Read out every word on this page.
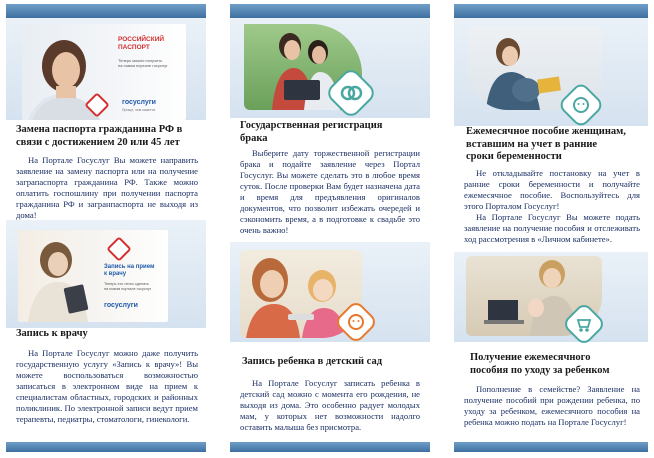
РОССИЙСКИЙ
ПАСПОРТ
Теперь можно получить
на новом портале госуслуг
госуслуги
Проще, чем кажется
Замена паспорта гражданина РФ в связи с достижением 20 или 45 лет
На Портале Госуслуг Вы можете направить заявление на замену паспорта или на получение заграпаспорта гражданина РФ. Также можно оплатить госпошлину при получении паспорта гражданина РФ и загранпаспорта не выходя из дома!
Запись на прием
к врачу
Теперь это легко сделать
на новом портале госуслуг
госуслуги
Запись к врачу
На Портале Госуслуг можно даже получить государственную услугу «Запись к врачу»! Вы можете воспользоваться возможностью записаться в электронном виде на прием к специалистам областных, городских и районных поликлиник. По электронной записи ведут прием терапевты, педиатры, стоматологи, гинекологи.
Государственная регистрация брака
Выберите дату торжественной регистрации брака и подайте заявление через Портал Госуслуг. Вы можете сделать это в любое время суток. После проверки Вам будет назначена дата и время для предъявления оригиналов документов, что позволит избежать очередей и сэкономить время, а в подготовке к свадьбе это очень важно!
Запись ребенка в детский сад
На Портале Госуслуг записать ребенка в детский сад можно с момента его рождения, не выходя из дома. Это особенно радует молодых мам, у которых нет возможности надолго оставить малыша без присмотра.
Ежемесячное пособие женщинам, вставшим на учет в ранние сроки беременности
Не откладывайте постановку на учет в ранние сроки беременности и получайте ежемесячное пособие. Воспользуйтесь для этого Порталом Госуслуг!
На Портале Госуслуг Вы можете подать заявление на получение пособия и отслеживать ход рассмотрения в «Личном кабинете».
Получение ежемесячного пособия по уходу за ребенком
Пополнение в семействе? Заявление на получение пособий при рождении ребенка, по уходу за ребенком, ежемесячного пособия на ребенка можно подать на Портале Госуслуг!
